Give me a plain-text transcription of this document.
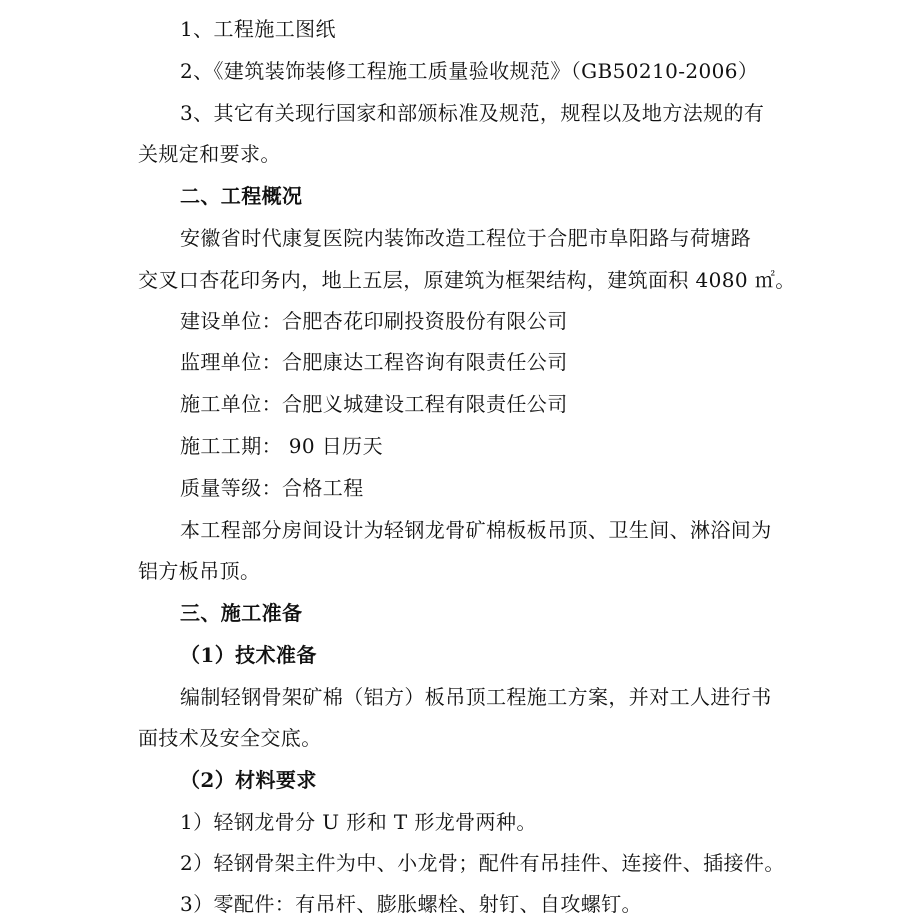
1、工程施工图纸
2、《建筑装饰装修工程施工质量验收规范》（GB50210-2006）
3、其它有关现行国家和部颁标准及规范，规程以及地方法规的有
关规定和要求。
二、工程概况
安徽省时代康复医院内装饰改造工程位于合肥市阜阳路与荷塘路
交叉口杏花印务内，地上五层，原建筑为框架结构，建筑面积 4080 ㎡。
建设单位：合肥杏花印刷投资股份有限公司
监理单位：合肥康达工程咨询有限责任公司
施工单位：合肥义城建设工程有限责任公司
施工工期： 90 日历天
质量等级：合格工程
本工程部分房间设计为轻钢龙骨矿棉板板吊顶、卫生间、淋浴间为
铝方板吊顶。
三、施工准备
（1）技术准备
编制轻钢骨架矿棉（铝方）板吊顶工程施工方案，并对工人进行书
面技术及安全交底。
（2）材料要求
1）轻钢龙骨分 U 形和 T 形龙骨两种。
2）轻钢骨架主件为中、小龙骨；配件有吊挂件、连接件、插接件。
3）零配件：有吊杆、膨胀螺栓、射钉、自攻螺钉。
